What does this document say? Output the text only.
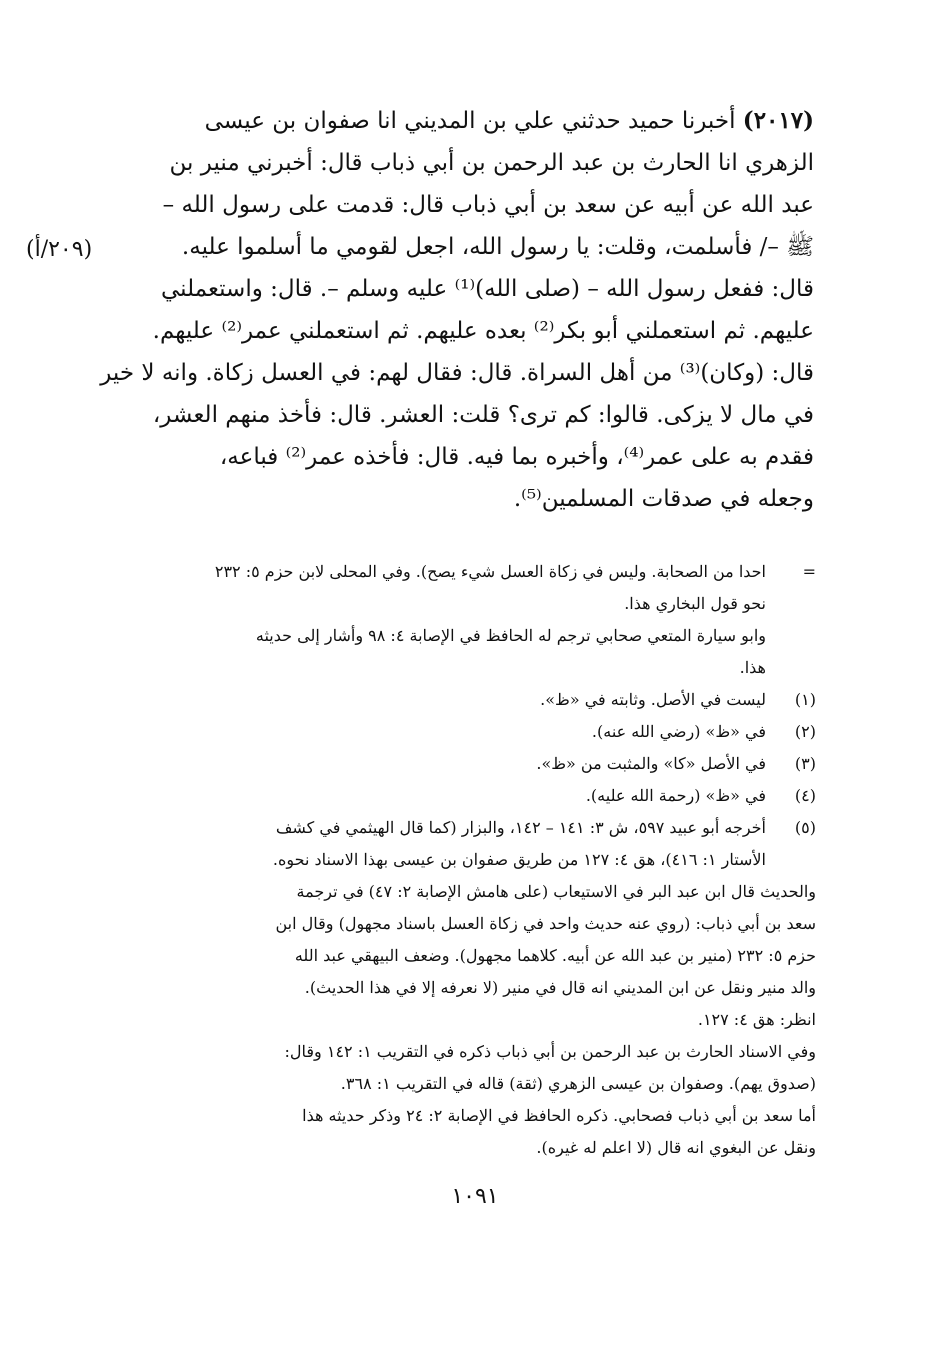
(٢٠١٧) أخبرنا حميد حدثني علي بن المديني انا صفوان بن عيسى
الزهري انا الحارث بن عبد الرحمن بن أبي ذباب قال: أخبرني منير بن
عبد الله عن أبيه عن سعد بن أبي ذباب قال: قدمت على رسول الله –
ﷺ –/ فأسلمت، وقلت: يا رسول الله، اجعل لقومي ما أسلموا عليه.
قال: ففعل رسول الله – (صلى الله)⁽¹⁾ عليه وسلم –. قال: واستعملني
عليهم. ثم استعملني أبو بكر⁽²⁾ بعده عليهم. ثم استعملني عمر⁽²⁾ عليهم.
قال: (وكان)⁽³⁾ من أهل السراة. قال: فقال لهم: في العسل زكاة. وانه لا خير
في مال لا يزكى. قالوا: كم ترى؟ قلت: العشر. قال: فأخذ منهم العشر،
فقدم به على عمر⁽⁴⁾، وأخبره بما فيه. قال: فأخذه عمر⁽²⁾ فباعه،
وجعله في صدقات المسلمين⁽⁵⁾.
(٢٠٩/أ)
=
احدا من الصحابة. وليس في زكاة العسل شيء يصح). وفي المحلى لابن حزم ٥: ٢٣٢
نحو قول البخاري هذا.
وابو سيارة المتعي صحابي ترجم له الحافظ في الإصابة ٤: ٩٨ وأشار إلى حديثه
هذا.
(١)
ليست في الأصل. وثابته في «ظ».
(٢)
في «ظ» (رضي الله عنه).
(٣)
في الأصل «كا» والمثبت من «ظ».
(٤)
في «ظ» (رحمة الله عليه).
(٥)
أخرجه أبو عبيد ٥٩٧، ش ٣: ١٤١ – ١٤٢، والبزار (كما قال الهيثمي في كشف
الأستار ١: ٤١٦)، هق ٤: ١٢٧ من طريق صفوان بن عيسى بهذا الاسناد نحوه.
والحديث قال ابن عبد البر في الاستيعاب (على هامش الإصابة ٢: ٤٧) في ترجمة
سعد بن أبي ذباب: (روي عنه حديث واحد في زكاة العسل باسناد مجهول) وقال ابن
حزم ٥: ٢٣٢ (منير بن عبد الله عن أبيه. كلاهما مجهول). وضعف البيهقي عبد الله
والد منير ونقل عن ابن المديني انه قال في منير (لا نعرفه إلا في هذا الحديث).
انظر: هق ٤: ١٢٧.
وفي الاسناد الحارث بن عبد الرحمن بن أبي ذباب ذكره في التقريب ١: ١٤٢ وقال:
(صدوق يهم). وصفوان بن عيسى الزهري (ثقة) قاله في التقريب ١: ٣٦٨.
أما سعد بن أبي ذباب فصحابي. ذكره الحافظ في الإصابة ٢: ٢٤ وذكر حديثه هذا
ونقل عن البغوي انه قال (لا اعلم له غيره).
١٠٩١
